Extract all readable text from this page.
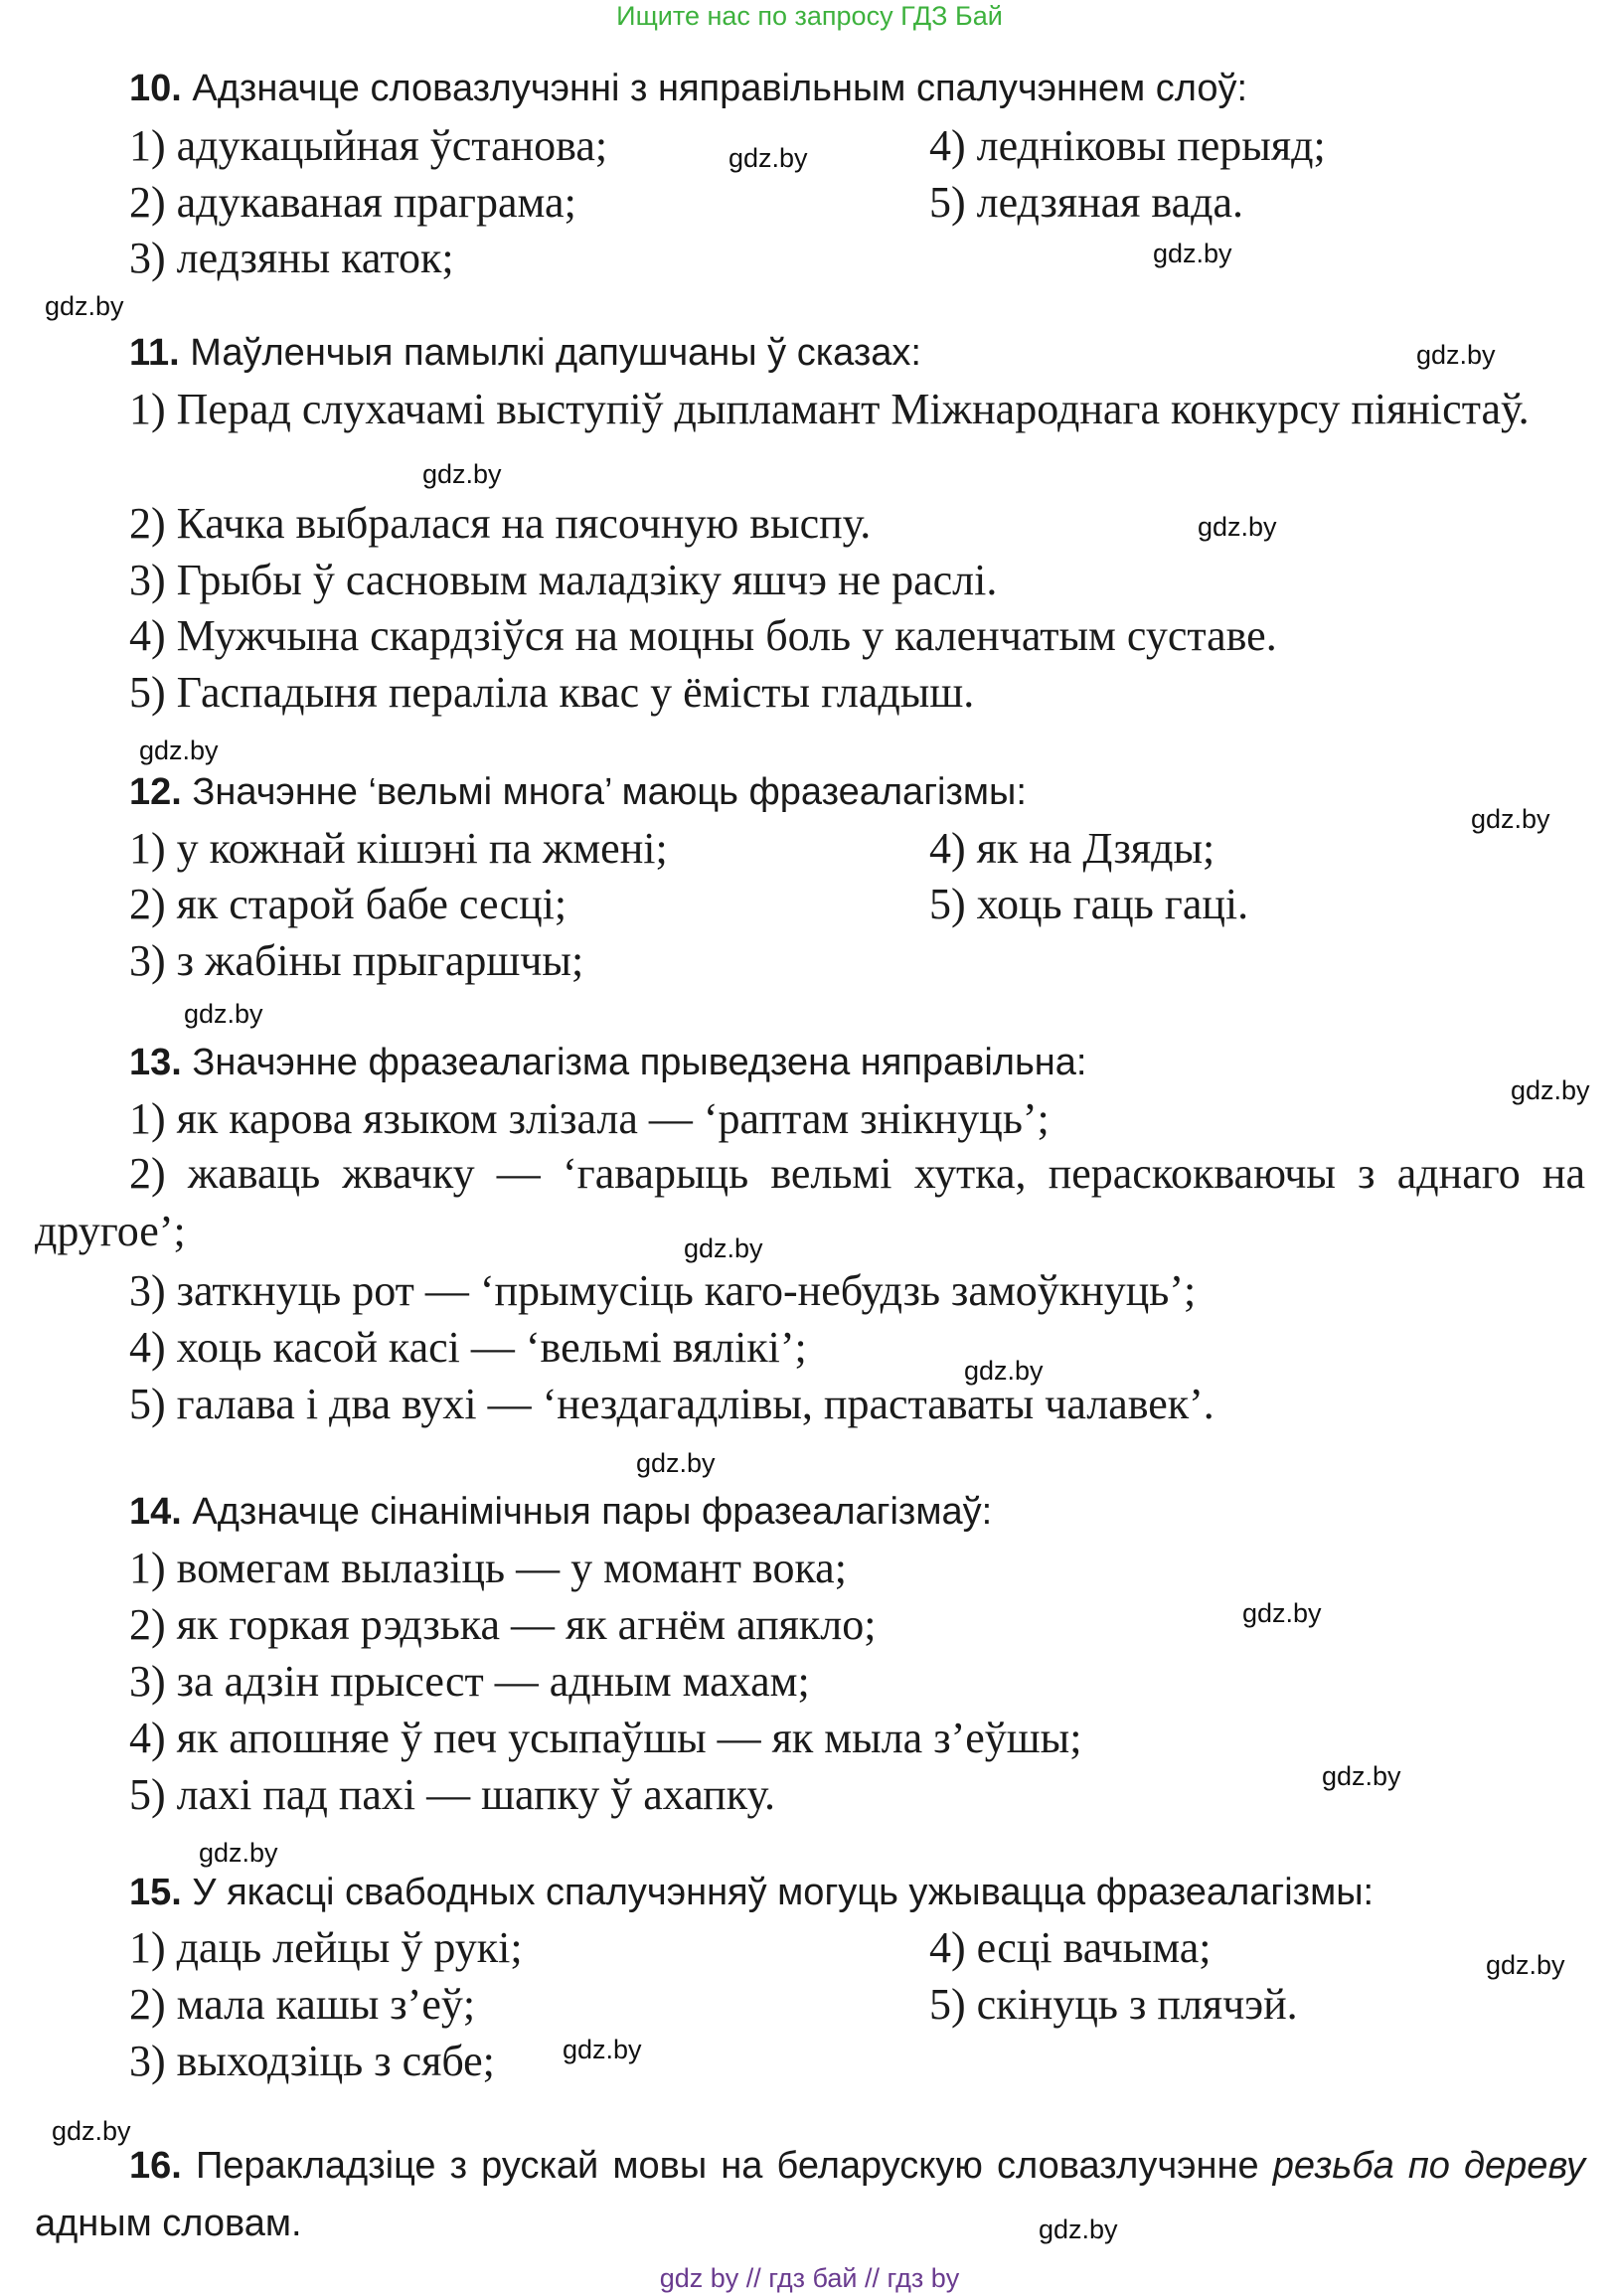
Ищите нас по запросу ГДЗ Бай
10. Адзначце словазлучэнні з няправільным спалучэннем слоў:
1) адукацыйная ўстанова;
2) адукаваная праграма;
3) ледзяны каток;
4) ледніковы перыяд;
5) ледзяная вада.
11. Маўленчыя памылкі дапушчаны ў сказах:
1) Перад слухачамі выступіў дыпламант Міжнароднага конкурсу піяністаў.
2) Качка выбралася на пясочную выспу.
3) Грыбы ў сасновым маладзіку яшчэ не раслі.
4) Мужчына скардзіўся на моцны боль у каленчатым суставе.
5) Гаспадыня пераліла квас у ёмісты гладыш.
12. Значэнне ‘вельмі многа’ маюць фразеалагізмы:
1) у кожнай кішэні па жмені;
2) як старой бабе сесці;
3) з жабіны прыгаршчы;
4) як на Дзяды;
5) хоць гаць гаці.
13. Значэнне фразеалагізма прыведзена няправільна:
1) як карова языком злізала — ‘раптам знікнуць’;
2) жаваць жвачку — ‘гаварыць вельмі хутка, пераскокваючы з аднаго на другое’;
3) заткнуць рот — ‘прымусіць каго-небудзь замоўкнуць’;
4) хоць касой касі — ‘вельмі вялікі’;
5) галава і два вухі — ‘нездагадлівы, праставаты чалавек’.
14. Адзначце сінанімічныя пары фразеалагізмаў:
1) вомегам вылазіць — у момант вока;
2) як горкая рэдзька — як агнём апякло;
3) за адзін прысест — адным махам;
4) як апошняе ў печ усыпаўшы — як мыла з’еўшы;
5) лахі пад пахі — шапку ў ахапку.
15. У якасці свабодных спалучэнняў могуць ужывацца фразеалагізмы:
1) даць лейцы ў рукі;
2) мала кашы з’еў;
3) выходзіць з сябе;
4) есці вачыма;
5) скінуць з плячэй.
16. Перакладзіце з рускай мовы на беларускую словазлучэнне резьба по дереву адным словам.
gdz.by
gdz.by
gdz.by
gdz.by
gdz.by
gdz.by
gdz.by
gdz.by
gdz.by
gdz.by
gdz.by
gdz.by
gdz.by
gdz.by
gdz.by
gdz.by
gdz.by
gdz.by
gdz.by
gdz.by
gdz by // гдз бай // гдз by
